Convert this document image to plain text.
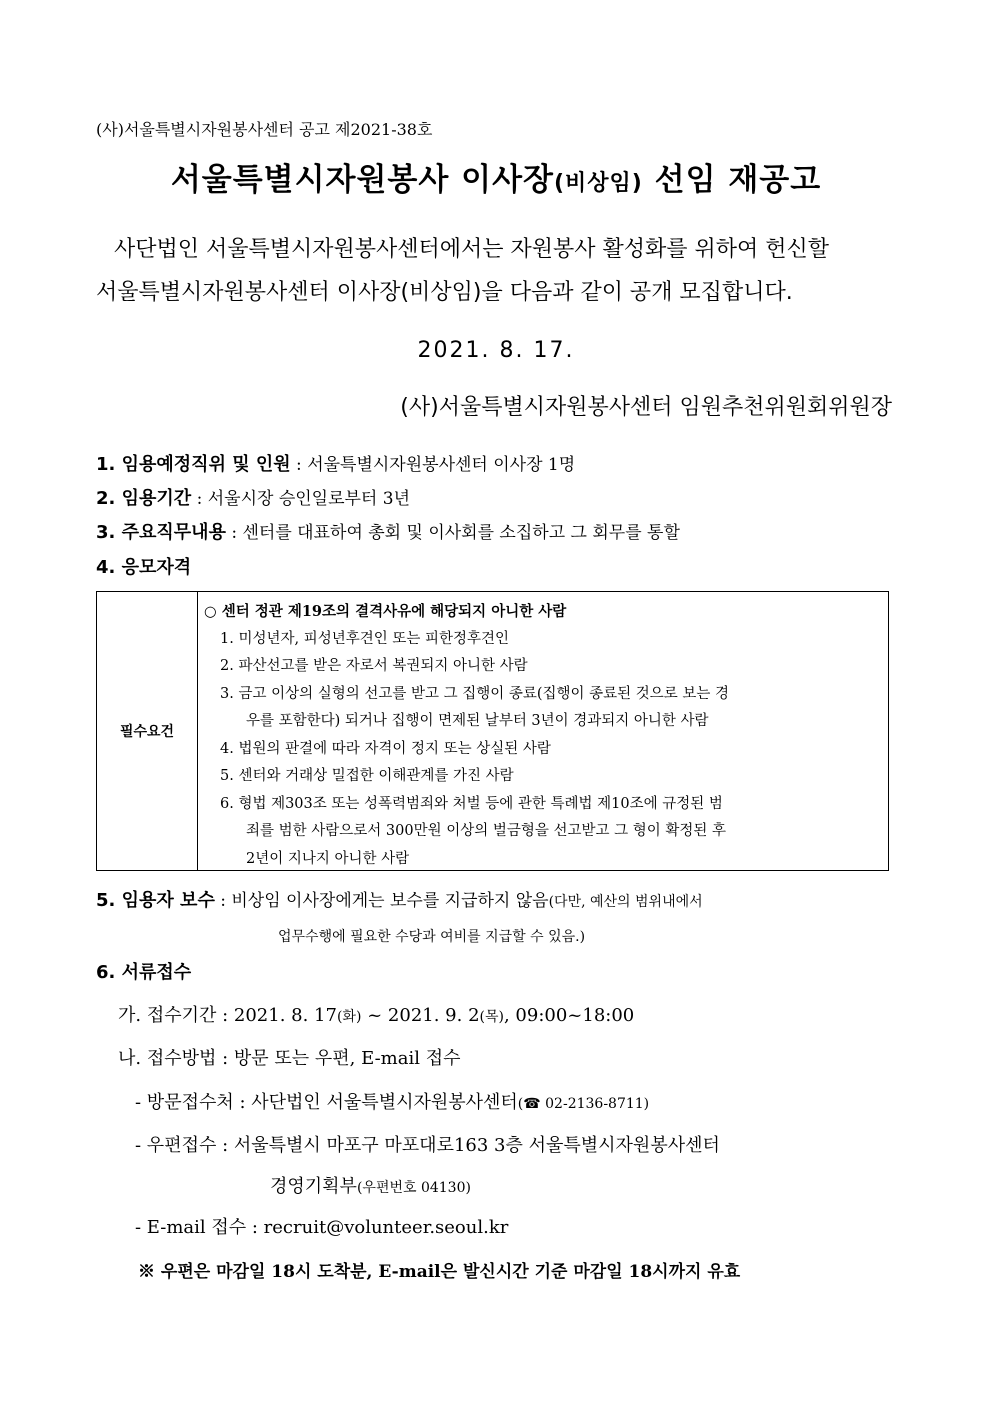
(사)서울특별시자원봉사센터 공고 제2021-38호
서울특별시자원봉사 이사장(비상임) 선임 재공고
사단법인 서울특별시자원봉사센터에서는 자원봉사 활성화를 위하여 헌신할
서울특별시자원봉사센터 이사장(비상임)을 다음과 같이 공개 모집합니다.
2021. 8. 17.
(사)서울특별시자원봉사센터 임원추천위원회위원장
1. 임용예정직위 및 인원 : 서울특별시자원봉사센터 이사장 1명
2. 임용기간 : 서울시장 승인일로부터 3년
3. 주요직무내용 : 센터를 대표하여 총회 및 이사회를 소집하고 그 회무를 통할
4. 응모자격
필수요건
○ 센터 정관 제19조의 결격사유에 해당되지 아니한 사람
1. 미성년자, 피성년후견인 또는 피한정후견인
2. 파산선고를 받은 자로서 복권되지 아니한 사람
3. 금고 이상의 실형의 선고를 받고 그 집행이 종료(집행이 종료된 것으로 보는 경
우를 포함한다) 되거나 집행이 면제된 날부터 3년이 경과되지 아니한 사람
4. 법원의 판결에 따라 자격이 정지 또는 상실된 사람
5. 센터와 거래상 밀접한 이해관계를 가진 사람
6. 형법 제303조 또는 성폭력범죄와 처벌 등에 관한 특례법 제10조에 규정된 범
죄를 범한 사람으로서 300만원 이상의 벌금형을 선고받고 그 형이 확정된 후
2년이 지나지 아니한 사람
5. 임용자 보수 : 비상임 이사장에게는 보수를 지급하지 않음(다만, 예산의 범위내에서
업무수행에 필요한 수당과 여비를 지급할 수 있음.)
6. 서류접수
가. 접수기간 : 2021. 8. 17(화) ~ 2021. 9. 2(목), 09:00~18:00
나. 접수방법 : 방문 또는 우편, E-mail 접수
- 방문접수처 : 사단법인 서울특별시자원봉사센터(☎ 02-2136-8711)
- 우편접수 : 서울특별시 마포구 마포대로163 3층 서울특별시자원봉사센터
경영기획부(우편번호 04130)
- E-mail 접수 : recruit@volunteer.seoul.kr
※ 우편은 마감일 18시 도착분, E-mail은 발신시간 기준 마감일 18시까지 유효
